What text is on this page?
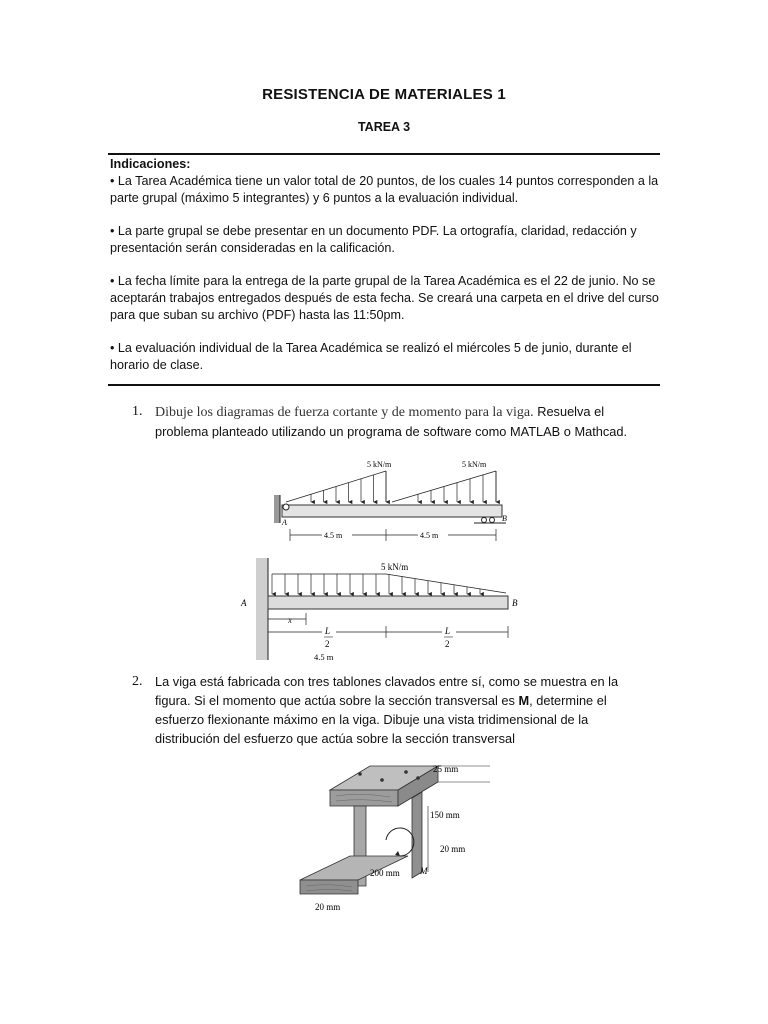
RESISTENCIA DE MATERIALES 1
TAREA 3
Indicaciones:

• La Tarea Académica tiene un valor total de 20 puntos, de los cuales 14 puntos corresponden a la parte grupal (máximo 5 integrantes) y 6 puntos a la evaluación individual.

• La parte grupal se debe presentar en un documento PDF. La ortografía, claridad, redacción y presentación serán consideradas en la calificación.

• La fecha límite para la entrega de la parte grupal de la Tarea Académica es el 22 de junio. No se aceptarán trabajos entregados después de esta fecha. Se creará una carpeta en el drive del curso para que suban su archivo (PDF) hasta las 11:50pm.

• La evaluación individual de la Tarea Académica se realizó el miércoles 5 de junio, durante el horario de clase.

1. Dibuje los diagramas de fuerza cortante y de momento para la viga. Resuelva el problema planteado utilizando un programa de software como MATLAB o Mathcad.
5 kN/m	5 kN/m
A	B
4.5 m	4.5 m
5 kN/m
A	B
x
L
2
L
2
4.5 m
2. La viga está fabricada con tres tablones clavados entre sí, como se muestra en la figura. Si el momento que actúa sobre la sección transversal es M, determine el esfuerzo flexionante máximo en la viga. Dibuje una vista tridimensional de la distribución del esfuerzo que actúa sobre la sección transversal
25 mm
150 mm
20 mm
200 mm M
20 mm
